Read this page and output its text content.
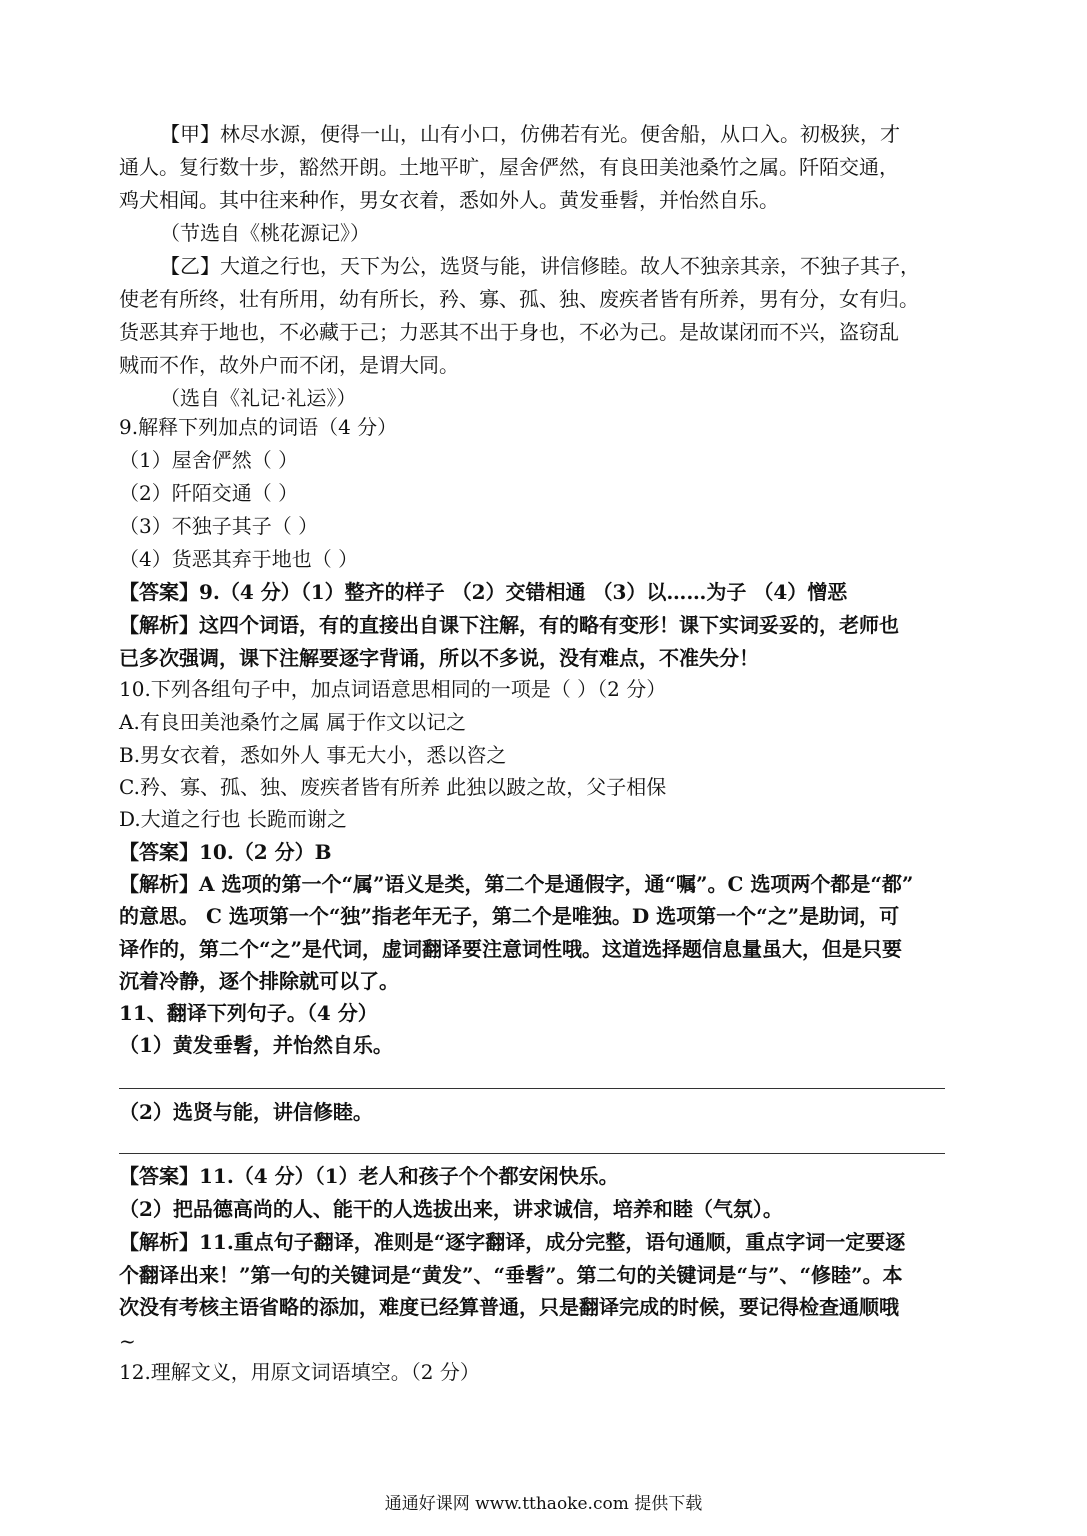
【甲】林尽水源，便得一山，山有小口，仿佛若有光。便舍船，从口入。初极狭，才
通人。复行数十步，豁然开朗。土地平旷，屋舍俨然，有良田美池桑竹之属。阡陌交通，
鸡犬相闻。其中往来种作，男女衣着，悉如外人。黄发垂髫，并怡然自乐。
（节选自《桃花源记》）
【乙】大道之行也，天下为公，选贤与能，讲信修睦。故人不独亲其亲，不独子其子，
使老有所终，壮有所用，幼有所长，矜、寡、孤、独、废疾者皆有所养，男有分，女有归。
货恶其弃于地也，不必藏于己；力恶其不出于身也，不必为己。是故谋闭而不兴，盗窃乱
贼而不作，故外户而不闭，是谓大同。
（选自《礼记·礼运》）
9.解释下列加点的词语（4 分）
（1）屋舍俨然（ ）
（2）阡陌交通（ ）
（3）不独子其子（ ）
（4）货恶其弃于地也（ ）
【答案】9.（4 分）（1）整齐的样子 （2）交错相通 （3）以……为子 （4）憎恶
【解析】这四个词语，有的直接出自课下注解，有的略有变形！课下实词妥妥的，老师也
已多次强调，课下注解要逐字背诵，所以不多说，没有难点，不准失分！
10.下列各组句子中，加点词语意思相同的一项是（ ）（2 分）
A.有良田美池桑竹之属 属于作文以记之
B.男女衣着，悉如外人 事无大小，悉以咨之
C.矜、寡、孤、独、废疾者皆有所养 此独以跛之故，父子相保
D.大道之行也 长跪而谢之
【答案】10.（2 分）B
【解析】A 选项的第一个“属”语义是类，第二个是通假字，通“嘱”。C 选项两个都是“都”
的意思。 C 选项第一个“独”指老年无子，第二个是唯独。D 选项第一个“之”是助词，可
译作的，第二个“之”是代词，虚词翻译要注意词性哦。这道选择题信息量虽大，但是只要
沉着冷静，逐个排除就可以了。
11、翻译下列句子。（4 分）
（1）黄发垂髫，并怡然自乐。
（2）选贤与能，讲信修睦。
【答案】11.（4 分）（1）老人和孩子个个都安闲快乐。
（2）把品德高尚的人、能干的人选拔出来，讲求诚信，培养和睦（气氛）。
【解析】11.重点句子翻译，准则是“逐字翻译，成分完整，语句通顺，重点字词一定要逐
个翻译出来！”第一句的关键词是“黄发”、“垂髫”。第二句的关键词是“与”、“修睦”。本
次没有考核主语省略的添加，难度已经算普通，只是翻译完成的时候，要记得检查通顺哦
~
12.理解文义，用原文词语填空。（2 分）
通通好课网 www.tthaoke.com 提供下载
